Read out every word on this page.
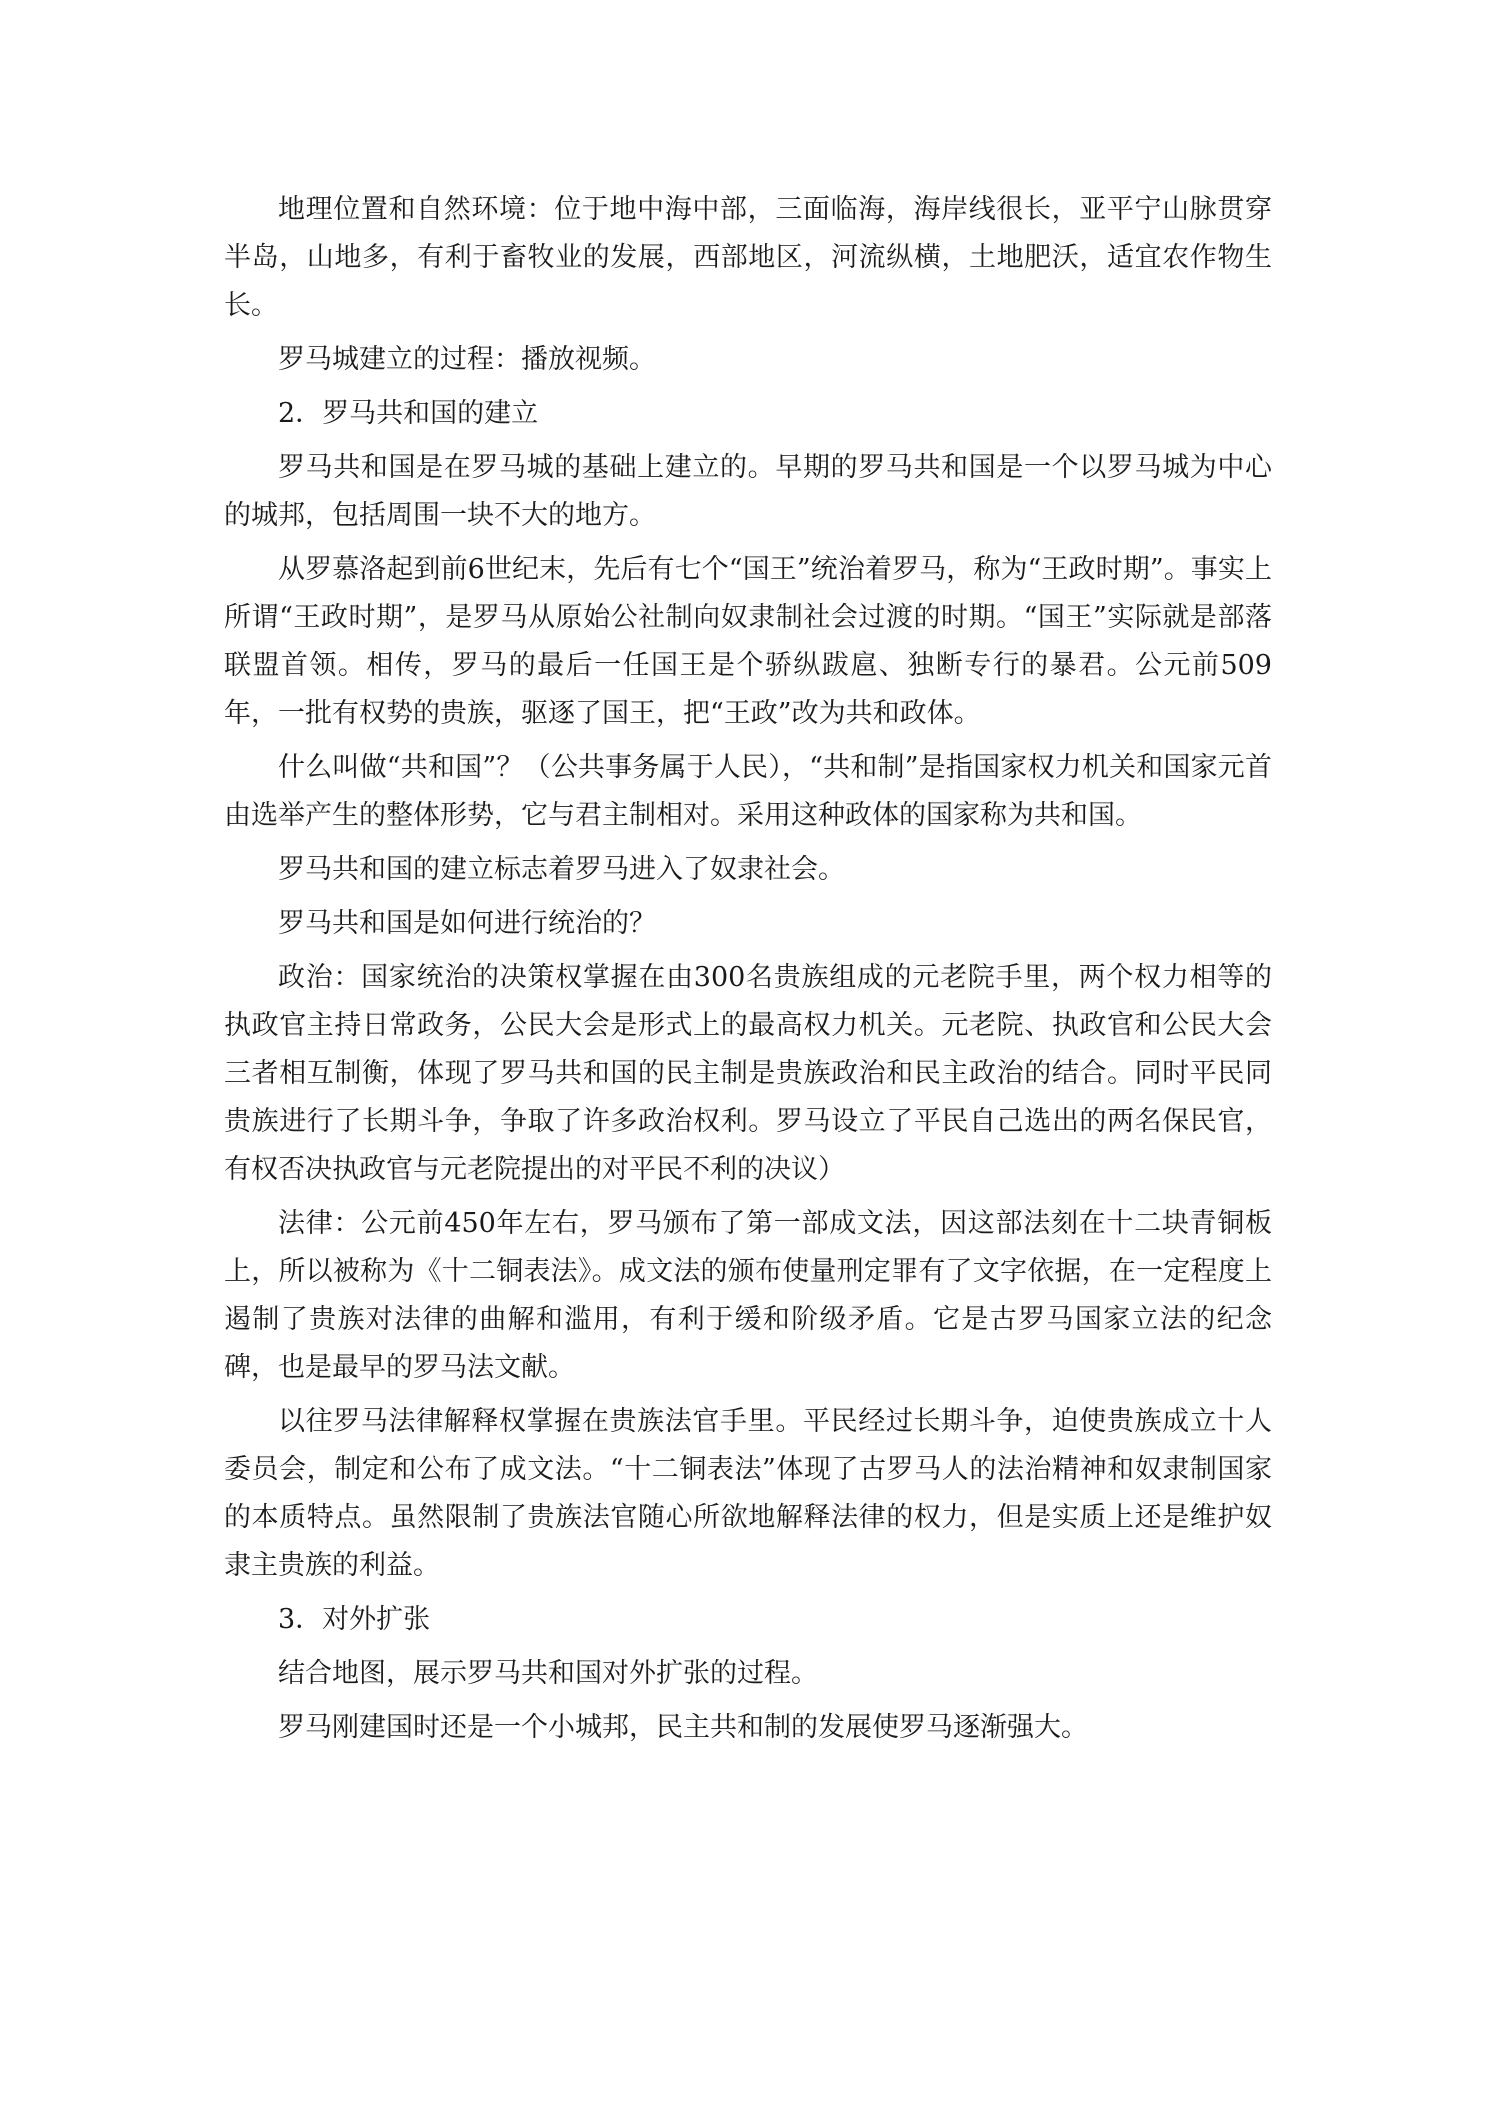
地理位置和自然环境：位于地中海中部，三面临海，海岸线很长，亚平宁山脉贯穿半岛，山地多，有利于畜牧业的发展，西部地区，河流纵横，土地肥沃，适宜农作物生长。

罗马城建立的过程：播放视频。

2．罗马共和国的建立

罗马共和国是在罗马城的基础上建立的。早期的罗马共和国是一个以罗马城为中心的城邦，包括周围一块不大的地方。

从罗慕洛起到前6世纪末，先后有七个“国王”统治着罗马，称为“王政时期”。事实上所谓“王政时期”，是罗马从原始公社制向奴隶制社会过渡的时期。“国王”实际就是部落联盟首领。相传，罗马的最后一任国王是个骄纵跋扈、独断专行的暴君。公元前509年，一批有权势的贵族，驱逐了国王，把“王政”改为共和政体。

什么叫做“共和国”？（公共事务属于人民），“共和制”是指国家权力机关和国家元首由选举产生的整体形势，它与君主制相对。采用这种政体的国家称为共和国。

罗马共和国的建立标志着罗马进入了奴隶社会。

罗马共和国是如何进行统治的？

政治：国家统治的决策权掌握在由300名贵族组成的元老院手里，两个权力相等的执政官主持日常政务，公民大会是形式上的最高权力机关。元老院、执政官和公民大会三者相互制衡，体现了罗马共和国的民主制是贵族政治和民主政治的结合。同时平民同贵族进行了长期斗争，争取了许多政治权利。罗马设立了平民自己选出的两名保民官，有权否决执政官与元老院提出的对平民不利的决议）

法律：公元前450年左右，罗马颁布了第一部成文法，因这部法刻在十二块青铜板上，所以被称为《十二铜表法》。成文法的颁布使量刑定罪有了文字依据，在一定程度上遏制了贵族对法律的曲解和滥用，有利于缓和阶级矛盾。它是古罗马国家立法的纪念碑，也是最早的罗马法文献。

以往罗马法律解释权掌握在贵族法官手里。平民经过长期斗争，迫使贵族成立十人委员会，制定和公布了成文法。“十二铜表法”体现了古罗马人的法治精神和奴隶制国家的本质特点。虽然限制了贵族法官随心所欲地解释法律的权力，但是实质上还是维护奴隶主贵族的利益。

3．对外扩张

结合地图，展示罗马共和国对外扩张的过程。

罗马刚建国时还是一个小城邦，民主共和制的发展使罗马逐渐强大。
